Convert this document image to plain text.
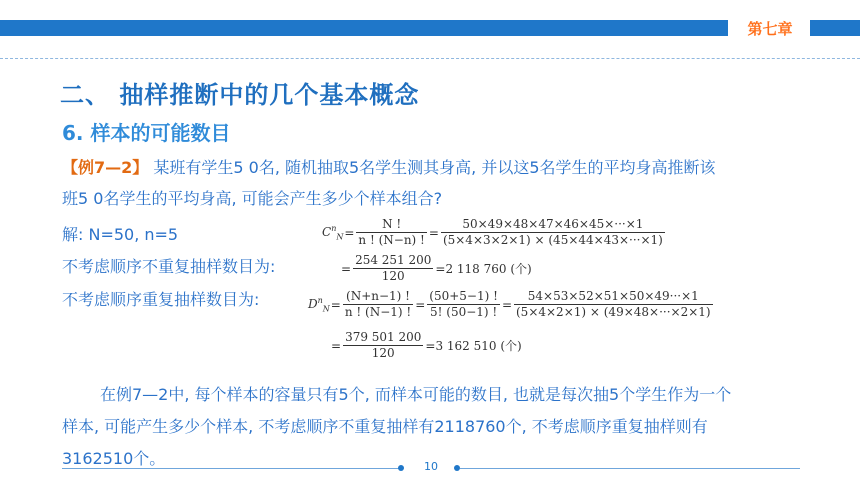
第七章
二、 抽样推断中的几个基本概念
6. 样本的可能数目
【例7—2】 某班有学生5 0名, 随机抽取5名学生测其身高, 并以这5名学生的平均身高推断该
班5 0名学生的平均身高, 可能会产生多少个样本组合?
解: N=50, n=5
不考虑顺序不重复抽样数目为:
不考虑顺序重复抽样数目为:
$C^n_N= \frac{N !}{n ! (N-n) !} = \frac{50\times 49\times 48\times 47\times 46\times 45\times\cdot\cdot\cdot\times 1}{(5\times 4\times 3\times 2\times 1) \times (45\times 44\times 43\times\cdot\cdot\cdot\times 1)}$
= $\frac{254 251 200}{120} =2$ 118 760 (个)
$D^n_N= \frac{(N+n-1) !}{n ! (N-1) !} = \frac{(50+5-1) !}{5! (50-1) !} = \frac{54\times 53\times 52\times 51\times 50\times 49\cdot\cdot\cdot\times 1}{(5\times 4\times 2\times 1) \times (49\times 48\times\cdot\cdot\cdot\times 2\times 1)}$
= $\frac{379 501 200}{120} =3$ 162 510 (个)
在例7—2中, 每个样本的容量只有5个, 而样本可能的数目, 也就是每次抽5个学生作为一个
样本, 可能产生多少个样本, 不考虑顺序不重复抽样有2118760个, 不考虑顺序重复抽样则有
3162510个。	10
